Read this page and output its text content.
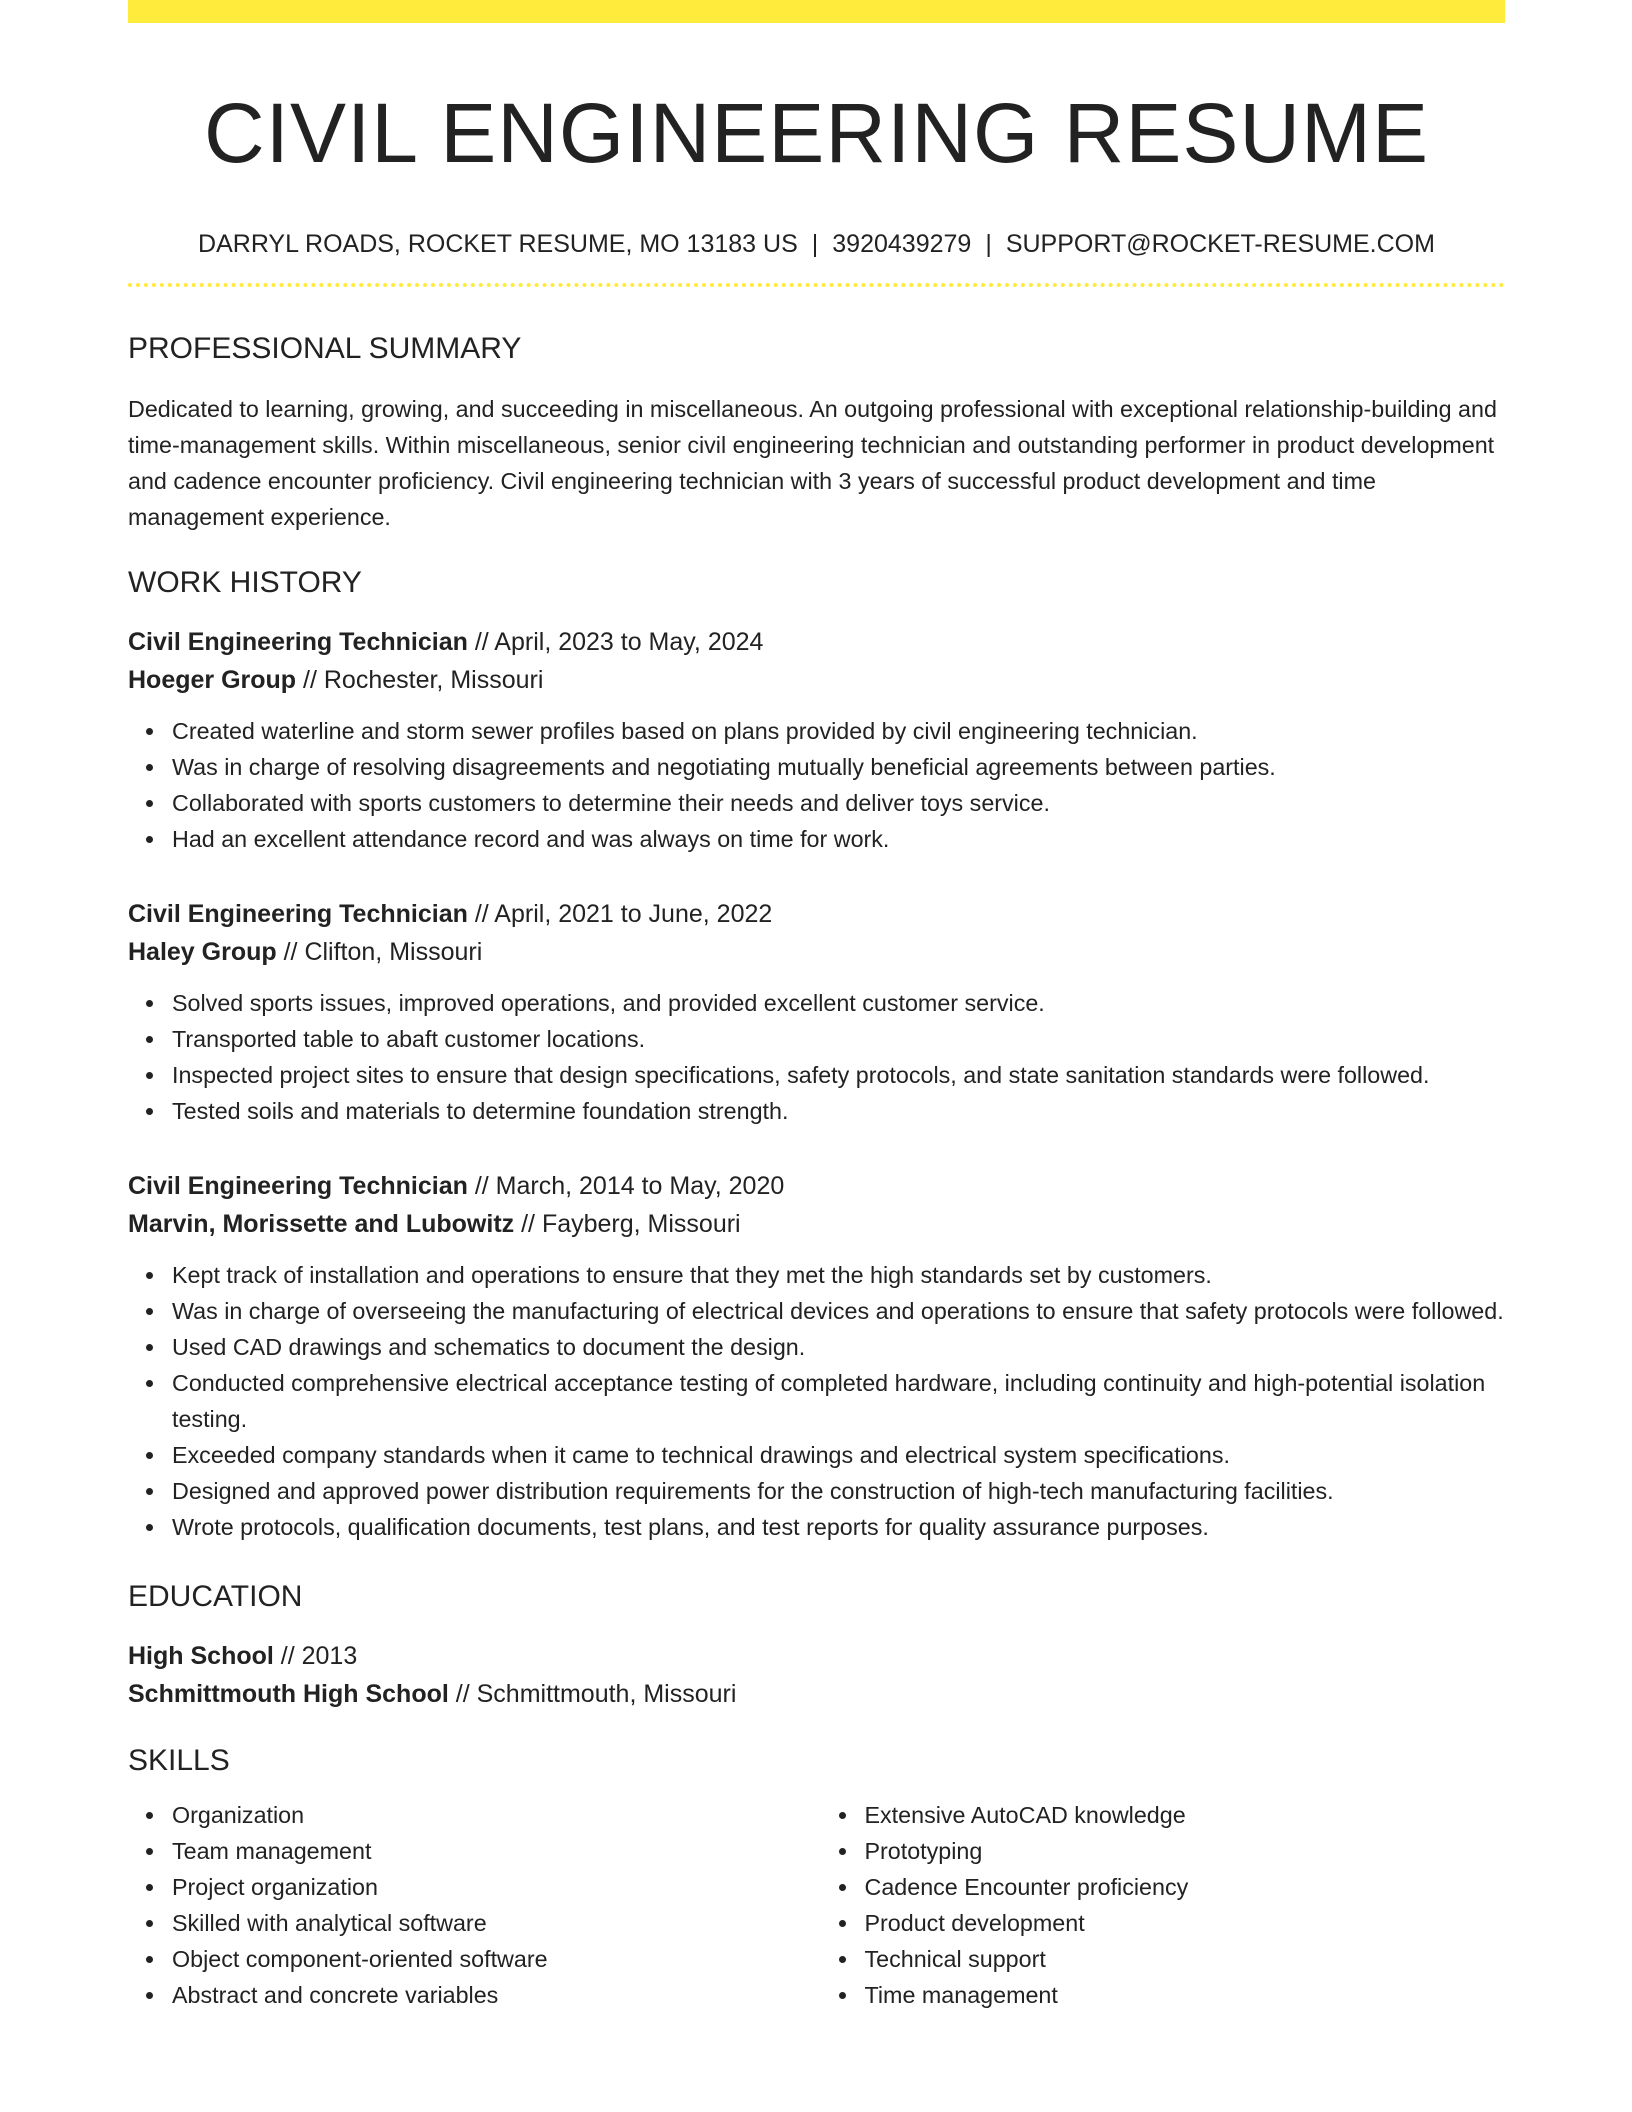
CIVIL ENGINEERING RESUME
DARRYL ROADS, ROCKET RESUME, MO 13183 US | 3920439279 | SUPPORT@ROCKET-RESUME.COM
PROFESSIONAL SUMMARY
Dedicated to learning, growing, and succeeding in miscellaneous. An outgoing professional with exceptional relationship-building and time-management skills. Within miscellaneous, senior civil engineering technician and outstanding performer in product development and cadence encounter proficiency. Civil engineering technician with 3 years of successful product development and time management experience.
WORK HISTORY
Civil Engineering Technician // April, 2023 to May, 2024
Hoeger Group // Rochester, Missouri
Created waterline and storm sewer profiles based on plans provided by civil engineering technician.
Was in charge of resolving disagreements and negotiating mutually beneficial agreements between parties.
Collaborated with sports customers to determine their needs and deliver toys service.
Had an excellent attendance record and was always on time for work.
Civil Engineering Technician // April, 2021 to June, 2022
Haley Group // Clifton, Missouri
Solved sports issues, improved operations, and provided excellent customer service.
Transported table to abaft customer locations.
Inspected project sites to ensure that design specifications, safety protocols, and state sanitation standards were followed.
Tested soils and materials to determine foundation strength.
Civil Engineering Technician // March, 2014 to May, 2020
Marvin, Morissette and Lubowitz // Fayberg, Missouri
Kept track of installation and operations to ensure that they met the high standards set by customers.
Was in charge of overseeing the manufacturing of electrical devices and operations to ensure that safety protocols were followed.
Used CAD drawings and schematics to document the design.
Conducted comprehensive electrical acceptance testing of completed hardware, including continuity and high-potential isolation testing.
Exceeded company standards when it came to technical drawings and electrical system specifications.
Designed and approved power distribution requirements for the construction of high-tech manufacturing facilities.
Wrote protocols, qualification documents, test plans, and test reports for quality assurance purposes.
EDUCATION
High School // 2013
Schmittmouth High School // Schmittmouth, Missouri
SKILLS
Organization
Team management
Project organization
Skilled with analytical software
Object component-oriented software
Abstract and concrete variables
Extensive AutoCAD knowledge
Prototyping
Cadence Encounter proficiency
Product development
Technical support
Time management
